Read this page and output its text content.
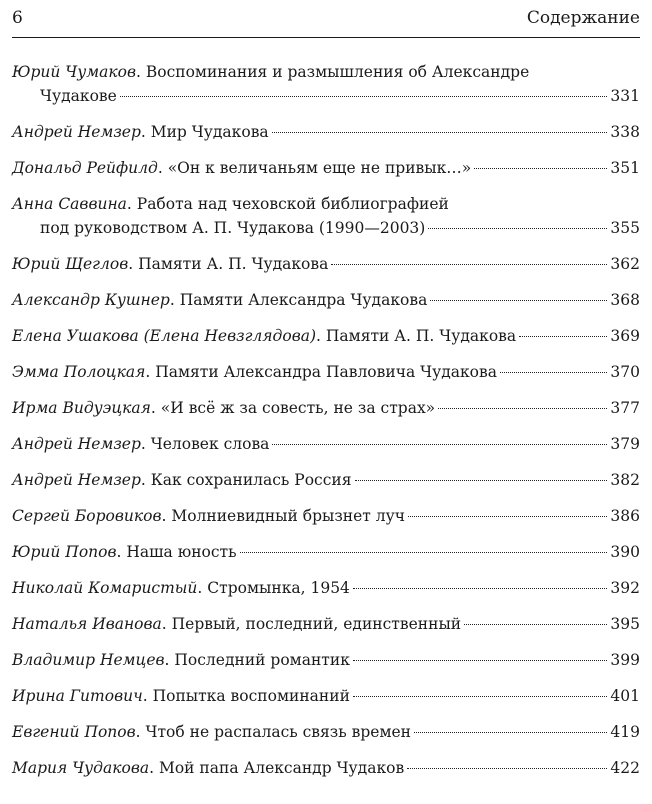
6	Содержание
Юрий Чумаков . Воспоминания и размышления об Александре
Чудакове	331
Андрей Немзер . Мир Чудакова	338
Дональд Рейфилд . «Он к величаньям еще не привык…»	351
Анна Саввина . Работа над чеховской библиографией
под руководством А. П. Чудакова (1990—2003)	355
Юрий Щеглов . Памяти А. П. Чудакова	362
Александр Кушнер . Памяти Александра Чудакова	368
Елена Ушакова (Елена Невзглядова) . Памяти А. П. Чудакова	369
Эмма Полоцкая . Памяти Александра Павловича Чудакова	370
Ирма Видуэцкая . «И всё ж за совесть, не за страх»	377
Андрей Немзер . Человек слова	379
Андрей Немзер . Как сохранилась Россия	382
Сергей Боровиков . Молниевидный брызнет луч	386
Юрий Попов . Наша юность	390
Николай Комаристый . Стромынка, 1954	392
Наталья Иванова . Первый, последний, единственный	395
Владимир Немцев . Последний романтик	399
Ирина Гитович . Попытка воспоминаний	401
Евгений Попов . Чтоб не распалась связь времен	419
Мария Чудакова . Мой папа Александр Чудаков	422
